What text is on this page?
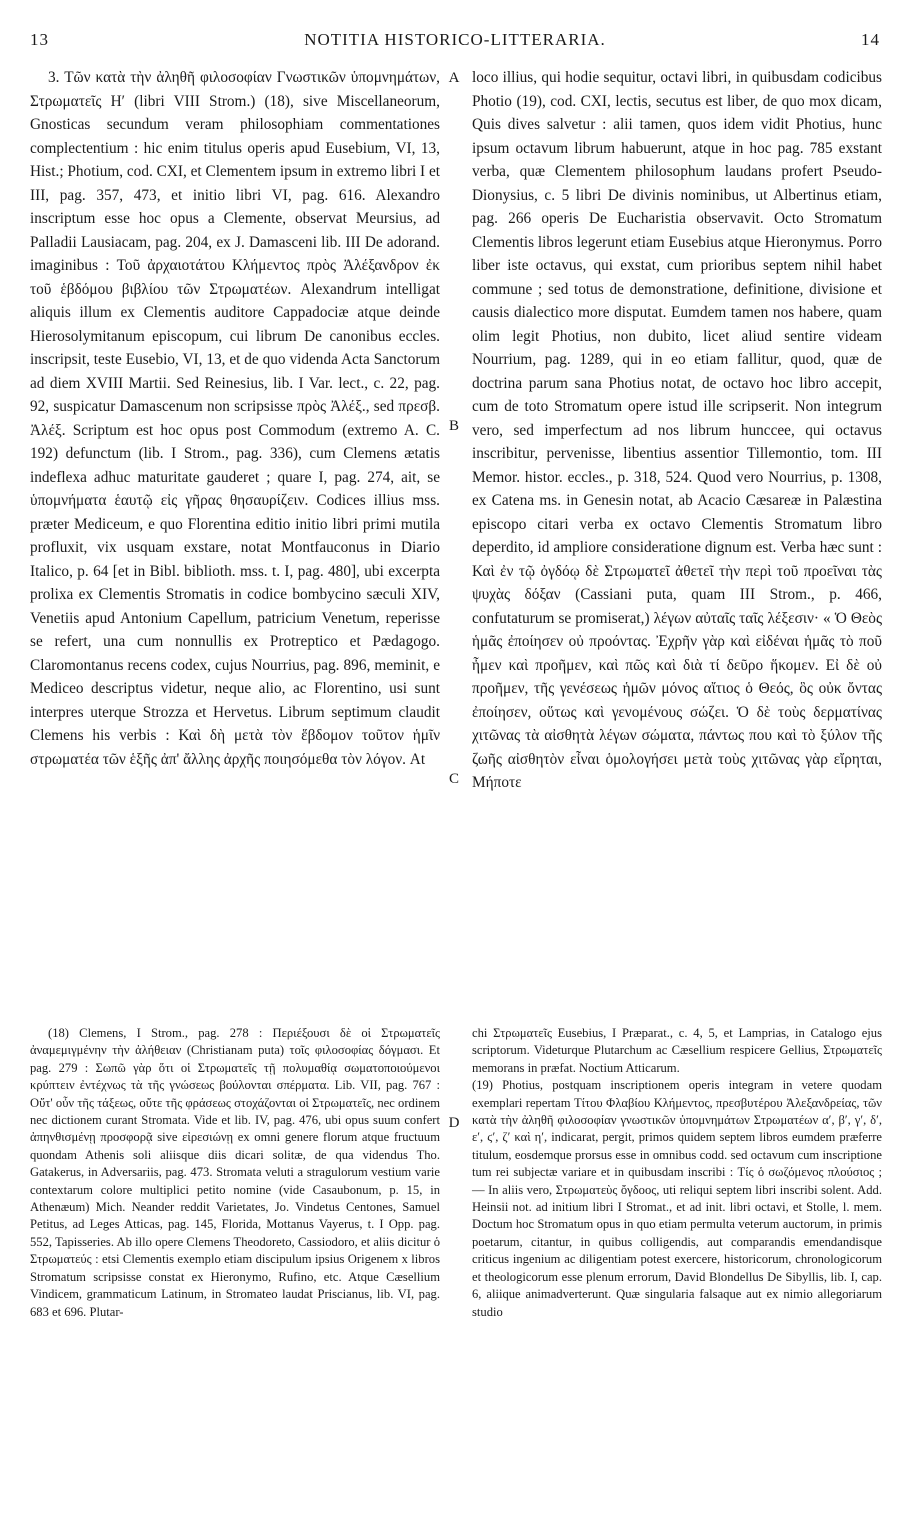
13	NOTITIA HISTORICO-LITTERARIA.	14
A
B
C
D

3. Τῶν κατὰ τὴν ἀληθῆ φιλοσοφίαν Γνωστικῶν ὑπομνημάτων, Στρωματεῖς Η′ (libri VIII Strom.) (18), sive Miscellaneorum, Gnosticas secundum veram philosophiam commentationes complectentium : hic enim titulus operis apud Eusebium, VI, 13, Hist.; Photium, cod. CXI, et Clementem ipsum in extremo libri I et III, pag. 357, 473, et initio libri VI, pag. 616. Alexandro inscriptum esse hoc opus a Clemente, observat Meursius, ad Palladii Lausiacam, pag. 204, ex J. Damasceni lib. III De adorand. imaginibus : Τοῦ ἀρχαιοτάτου Κλήμεντος πρὸς Ἀλέξανδρον ἐκ τοῦ ἑβδόμου βιβλίου τῶν Στρωματέων. Alexandrum intelligat aliquis illum ex Clementis auditore Cappadociæ atque deinde Hierosolymitanum episcopum, cui librum De canonibus eccles. inscripsit, teste Eusebio, VI, 13, et de quo videnda Acta Sanctorum ad diem XVIII Martii. Sed Reinesius, lib. I Var. lect., c. 22, pag. 92, suspicatur Damascenum non scripsisse πρὸς Ἀλέξ., sed πρεσβ. Ἀλέξ. Scriptum est hoc opus post Commodum (extremo A. C. 192) defunctum (lib. I Strom., pag. 336), cum Clemens ætatis indeflexa adhuc maturitate gauderet ; quare I, pag. 274, ait, se ὑπομνήματα ἑαυτῷ εἰς γῆρας θησαυρίζειν. Codices illius mss. præter Mediceum, e quo Florentina editio initio libri primi mutila profluxit, vix usquam exstare, notat Montfauconus in Diario Italico, p. 64 [et in Bibl. biblioth. mss. t. I, pag. 480], ubi excerpta prolixa ex Clementis Stromatis in codice bombycino sæculi XIV, Venetiis apud Antonium Capellum, patricium Venetum, reperisse se refert, una cum nonnullis ex Protreptico et Pædagogo. Claromontanus recens codex, cujus Nourrius, pag. 896, meminit, e Mediceo descriptus videtur, neque alio, ac Florentino, usi sunt interpres uterque Strozza et Hervetus. Librum septimum claudit Clemens his verbis : Καὶ δὴ μετὰ τὸν ἕβδομον τοῦτον ἡμῖν στρωματέα τῶν ἑξῆς ἀπ' ἄλλης ἀρχῆς ποιησόμεθα τὸν λόγον. At

loco illius, qui hodie sequitur, octavi libri, in quibusdam codicibus Photio (19), cod. CXI, lectis, secutus est liber, de quo mox dicam, Quis dives salvetur : alii tamen, quos idem vidit Photius, hunc ipsum octavum librum habuerunt, atque in hoc pag. 785 exstant verba, quæ Clementem philosophum laudans profert Pseudo-Dionysius, c. 5 libri De divinis nominibus, ut Albertinus etiam, pag. 266 operis De Eucharistia observavit. Octo Stromatum Clementis libros legerunt etiam Eusebius atque Hieronymus. Porro liber iste octavus, qui exstat, cum prioribus septem nihil habet commune ; sed totus de demonstratione, definitione, divisione et causis dialectico more disputat. Eumdem tamen nos habere, quam olim legit Photius, non dubito, licet aliud sentire videam Nourrium, pag. 1289, qui in eo etiam fallitur, quod, quæ de doctrina parum sana Photius notat, de octavo hoc libro accepit, cum de toto Stromatum opere istud ille scripserit. Non integrum vero, sed imperfectum ad nos librum hunccee, qui octavus inscribitur, pervenisse, libentius assentior Tillemontio, tom. III Memor. histor. eccles., p. 318, 524. Quod vero Nourrius, p. 1308, ex Catena ms. in Genesin notat, ab Acacio Cæsareæ in Palæstina episcopo citari verba ex octavo Clementis Stromatum libro deperdito, id ampliore consideratione dignum est. Verba hæc sunt : Καὶ ἐν τῷ ὀγδόῳ δὲ Στρωματεῖ ἀθετεῖ τὴν περὶ τοῦ προεῖναι τὰς ψυχὰς δόξαν (Cassiani puta, quam III Strom., p. 466, confutaturum se promiserat,) λέγων αὐταῖς ταῖς λέξεσιν· « Ὁ Θεὸς ἡμᾶς ἐποίησεν οὐ προόντας. Ἐχρῆν γὰρ καὶ εἰδέναι ἡμᾶς τὸ ποῦ ἦμεν καὶ προῆμεν, καὶ πῶς καὶ διὰ τί δεῦρο ἥκομεν. Εἰ δὲ οὐ προῆμεν, τῆς γενέσεως ἡμῶν μόνος αἴτιος ὁ Θεός, ὃς οὐκ ὄντας ἐποίησεν, οὕτως καὶ γενομένους σώζει. Ὁ δὲ τοὺς δερματίνας χιτῶνας τὰ αἰσθητὰ λέγων σώματα, πάντως που καὶ τὸ ξύλον τῆς ζωῆς αἰσθητὸν εἶναι ὁμολογήσει μετὰ τοὺς χιτῶνας γὰρ εἴρηται, Μήποτε

(18) Clemens, I Strom., pag. 278 : Περιέξουσι δὲ οἱ Στρωματεῖς ἀναμεμιγμένην τὴν ἀλήθειαν (Christianam puta) τοῖς φιλοσοφίας δόγμασι. Et pag. 279 : Σωπῶ γὰρ ὅτι οἱ Στρωματεῖς τῇ πολυμαθίᾳ σωματοποιούμενοι κρύπτειν ἐντέχνως τὰ τῆς γνώσεως βούλονται σπέρματα. Lib. VII, pag. 767 : Οὔτ' οὖν τῆς τάξεως, οὔτε τῆς φράσεως στοχάζονται οἱ Στρωματεῖς, nec ordinem nec dictionem curant Stromata. Vide et lib. IV, pag. 476, ubi opus suum confert ἀπηνθισμένῃ προσφορᾷ sive εἰρεσιώνῃ ex omni genere florum atque fructuum quondam Athenis soli aliisque diis dicari solitæ, de qua videndus Tho. Gatakerus, in Adversariis, pag. 473. Stromata veluti a stragulorum vestium varie contextarum colore multiplici petito nomine (vide Casaubonum, p. 15, in Athenæum) Mich. Neander reddit Varietates, Jo. Vindetus Centones, Samuel Petitus, ad Leges Atticas, pag. 145, Florida, Mottanus Vayerus, t. I Opp. pag. 552, Tapisseries. Ab illo opere Clemens Theodoreto, Cassiodoro, et aliis dicitur ὁ Στρωματεύς : etsi Clementis exemplo etiam discipulum ipsius Origenem x libros Stromatum scripsisse constat ex Hieronymo, Rufino, etc. Atque Cæsellium Vindicem, grammaticum Latinum, in Stromateo laudat Priscianus, lib. VI, pag. 683 et 696. Plutar-

chi Στρωματεῖς Eusebius, I Præparat., c. 4, 5, et Lamprias, in Catalogo ejus scriptorum. Videturque Plutarchum ac Cæsellium respicere Gellius, Στρωματεῖς memorans in præfat. Noctium Atticarum.
(19) Photius, postquam inscriptionem operis integram in vetere quodam exemplari repertam Τίτου Φλαβίου Κλήμεντος, πρεσβυτέρου Ἀλεξανδρείας, τῶν κατὰ τὴν ἀληθῆ φιλοσοφίαν γνωστικῶν ὑπομνημάτων Στρωματέων α′, β′, γ′, δ′, ε′, ϛ′, ζ′ καὶ η′, indicarat, pergit, primos quidem septem libros eumdem præferre titulum, eosdemque prorsus esse in omnibus codd. sed octavum cum inscriptione tum rei subjectæ variare et in quibusdam inscribi : Τίς ὁ σωζόμενος πλούσιος ; — In aliis vero, Στρωματεὺς ὄγδοος, uti reliqui septem libri inscribi solent. Add. Heinsii not. ad initium libri I Stromat., et ad init. libri octavi, et Stolle, l. mem. Doctum hoc Stromatum opus in quo etiam permulta veterum auctorum, in primis poetarum, citantur, in quibus colligendis, aut comparandis emendandisque criticus ingenium ac diligentiam potest exercere, historicorum, chronologicorum et theologicorum esse plenum errorum, David Blondellus De Sibyllis, lib. I, cap. 6, aliique animadverterunt. Quæ singularia falsaque aut ex nimio allegoriarum studio
